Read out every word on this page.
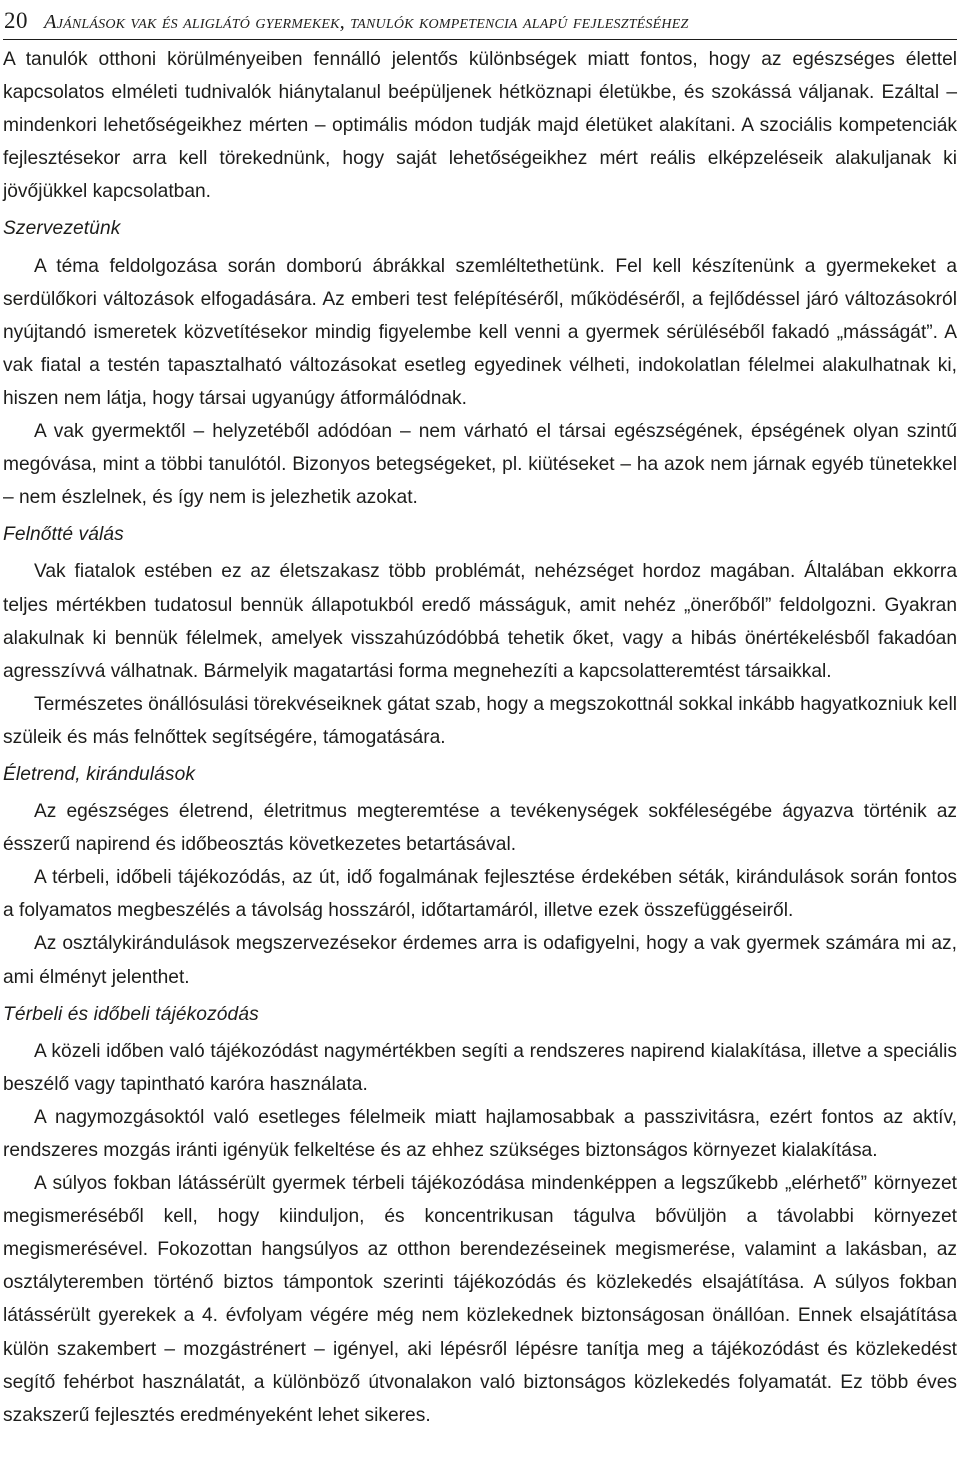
20 Ajánlások vak és aliglátó gyermekek, tanulók kompetencia alapú fejlesztéséhez

A tanulók otthoni körülményeiben fennálló jelentős különbségek miatt fontos, hogy az egészséges élettel kapcsolatos elméleti tudnivalók hiánytalanul beépüljenek hétköznapi életükbe, és szokássá váljanak. Ezáltal – mindenkori lehetőségeikhez mérten – optimális módon tudják majd életüket alakítani. A szociális kompetenciák fejlesztésekor arra kell törekednünk, hogy saját lehetőségeikhez mért reális elképzeléseik alakuljanak ki jövőjükkel kapcsolatban.

Szervezetünk

A téma feldolgozása során domború ábrákkal szemléltethetünk. Fel kell készítenünk a gyermekeket a serdülőkori változások elfogadására. Az emberi test felépítéséről, működéséről, a fejlődéssel járó változásokról nyújtandó ismeretek közvetítésekor mindig figyelembe kell venni a gyermek sérüléséből fakadó „másságát”. A vak fiatal a testén tapasztalható változásokat esetleg egyedinek vélheti, indokolatlan félelmei alakulhatnak ki, hiszen nem látja, hogy társai ugyanúgy átformálódnak.

A vak gyermektől – helyzetéből adódóan – nem várható el társai egészségének, épségének olyan szintű megóvása, mint a többi tanulótól. Bizonyos betegségeket, pl. kiütéseket – ha azok nem járnak egyéb tünetekkel – nem észlelnek, és így nem is jelezhetik azokat.

Felnőtté válás

Vak fiatalok estében ez az életszakasz több problémát, nehézséget hordoz magában. Általában ekkorra teljes mértékben tudatosul bennük állapotukból eredő másságuk, amit nehéz „önerőből” feldolgozni. Gyakran alakulnak ki bennük félelmek, amelyek visszahúzódóbbá tehetik őket, vagy a hibás önértékelésből fakadóan agresszívvá válhatnak. Bármelyik magatartási forma megnehezíti a kapcsolatteremtést társaikkal.

Természetes önállósulási törekvéseiknek gátat szab, hogy a megszokottnál sokkal inkább hagyatkozniuk kell szüleik és más felnőttek segítségére, támogatására.

Életrend, kirándulások

Az egészséges életrend, életritmus megteremtése a tevékenységek sokféleségébe ágyazva történik az ésszerű napirend és időbeosztás következetes betartásával.

A térbeli, időbeli tájékozódás, az út, idő fogalmának fejlesztése érdekében séták, kirándulások során fontos a folyamatos megbeszélés a távolság hosszáról, időtartamáról, illetve ezek összefüggéseiről.

Az osztálykirándulások megszervezésekor érdemes arra is odafigyelni, hogy a vak gyermek számára mi az, ami élményt jelenthet.

Térbeli és időbeli tájékozódás

A közeli időben való tájékozódást nagymértékben segíti a rendszeres napirend kialakítása, illetve a speciális beszélő vagy tapintható karóra használata.

A nagymozgásoktól való esetleges félelmeik miatt hajlamosabbak a passzivitásra, ezért fontos az aktív, rendszeres mozgás iránti igényük felkeltése és az ehhez szükséges biztonságos környezet kialakítása.

A súlyos fokban látássérült gyermek térbeli tájékozódása mindenképpen a legszűkebb „elérhető” környezet megismeréséből kell, hogy kiinduljon, és koncentrikusan tágulva bővüljön a távolabbi környezet megismerésével. Fokozottan hangsúlyos az otthon berendezéseinek megismerése, valamint a lakásban, az osztályteremben történő biztos támpontok szerinti tájékozódás és közlekedés elsajátítása. A súlyos fokban látássérült gyerekek a 4. évfolyam végére még nem közlekednek biztonságosan önállóan. Ennek elsajátítása külön szakembert – mozgástrénert – igényel, aki lépésről lépésre tanítja meg a tájékozódást és közlekedést segítő fehérbot használatát, a különböző útvonalakon való biztonságos közlekedés folyamatát. Ez több éves szakszerű fejlesztés eredményeként lehet sikeres.
